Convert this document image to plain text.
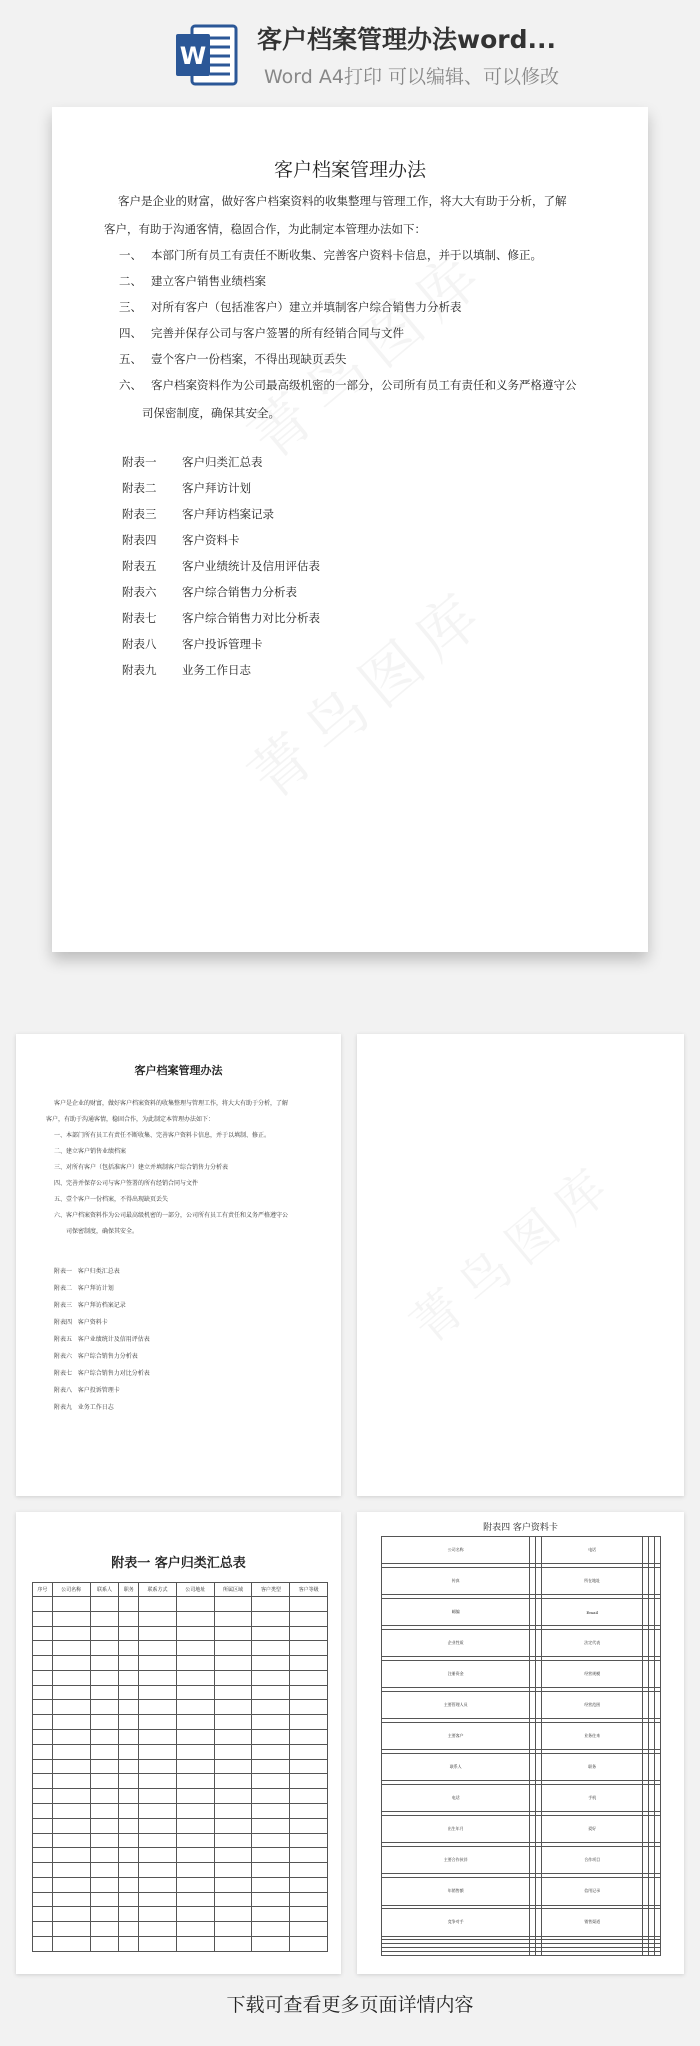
W
客户档案管理办法word...
Word A4打印 可以编辑、可以修改
客户档案管理办法
客户是企业的财富，做好客户档案资料的收集整理与管理工作，将大大有助于分析，了解
客户，有助于沟通客情，稳固合作，为此制定本管理办法如下：
一、 本部门所有员工有责任不断收集、完善客户资料卡信息，并于以填制、修正。
二、 建立客户销售业绩档案
三、 对所有客户（包括准客户）建立并填制客户综合销售力分析表
四、 完善并保存公司与客户签署的所有经销合同与文件
五、 壹个客户一份档案，不得出现缺页丢失
六、 客户档案资料作为公司最高级机密的一部分，公司所有员工有责任和义务严格遵守公
司保密制度，确保其安全。
附表一 客户归类汇总表
附表二 客户拜访计划
附表三 客户拜访档案记录
附表四 客户资料卡
附表五 客户业绩统计及信用评估表
附表六 客户综合销售力分析表
附表七 客户综合销售力对比分析表
附表八 客户投诉管理卡
附表九 业务工作日志
客户档案管理办法
客户是企业的财富，做好客户档案资料的收集整理与管理工作，将大大有助于分析，了解
客户，有助于沟通客情，稳固合作，为此制定本管理办法如下：
一、本部门所有员工有责任不断收集、完善客户资料卡信息，并于以填制、修正。
二、建立客户销售业绩档案
三、对所有客户（包括准客户）建立并填制客户综合销售力分析表
四、完善并保存公司与客户签署的所有经销合同与文件
五、壹个客户一份档案，不得出现缺页丢失
六、客户档案资料作为公司最高级机密的一部分，公司所有员工有责任和义务严格遵守公
司保密制度，确保其安全。
附表一 客户归类汇总表
附表二 客户拜访计划
附表三 客户拜访档案记录
附表四 客户资料卡
附表五 客户业绩统计及信用评估表
附表六 客户综合销售力分析表
附表七 客户综合销售力对比分析表
附表八 客户投诉管理卡
附表九 业务工作日志
附表一 客户归类汇总表
序号	公司名称	联系人	职务	联系方式	公司地址	所属区域	客户类型	客户等级

附表四 客户资料卡
公司名称			电话			

传真			所在地址			

邮编			Email			

企业性质			法定代表			

注册资金			经营规模			

主要管理人员			经营范围			

主要客户			业务往来			

联系人			职务			

电话			手机			

出生年月			爱好			

主要合作伙伴			合作项目			

年销售额			信用记录			

竞争对手			销售渠道			

下载可查看更多页面详情内容
